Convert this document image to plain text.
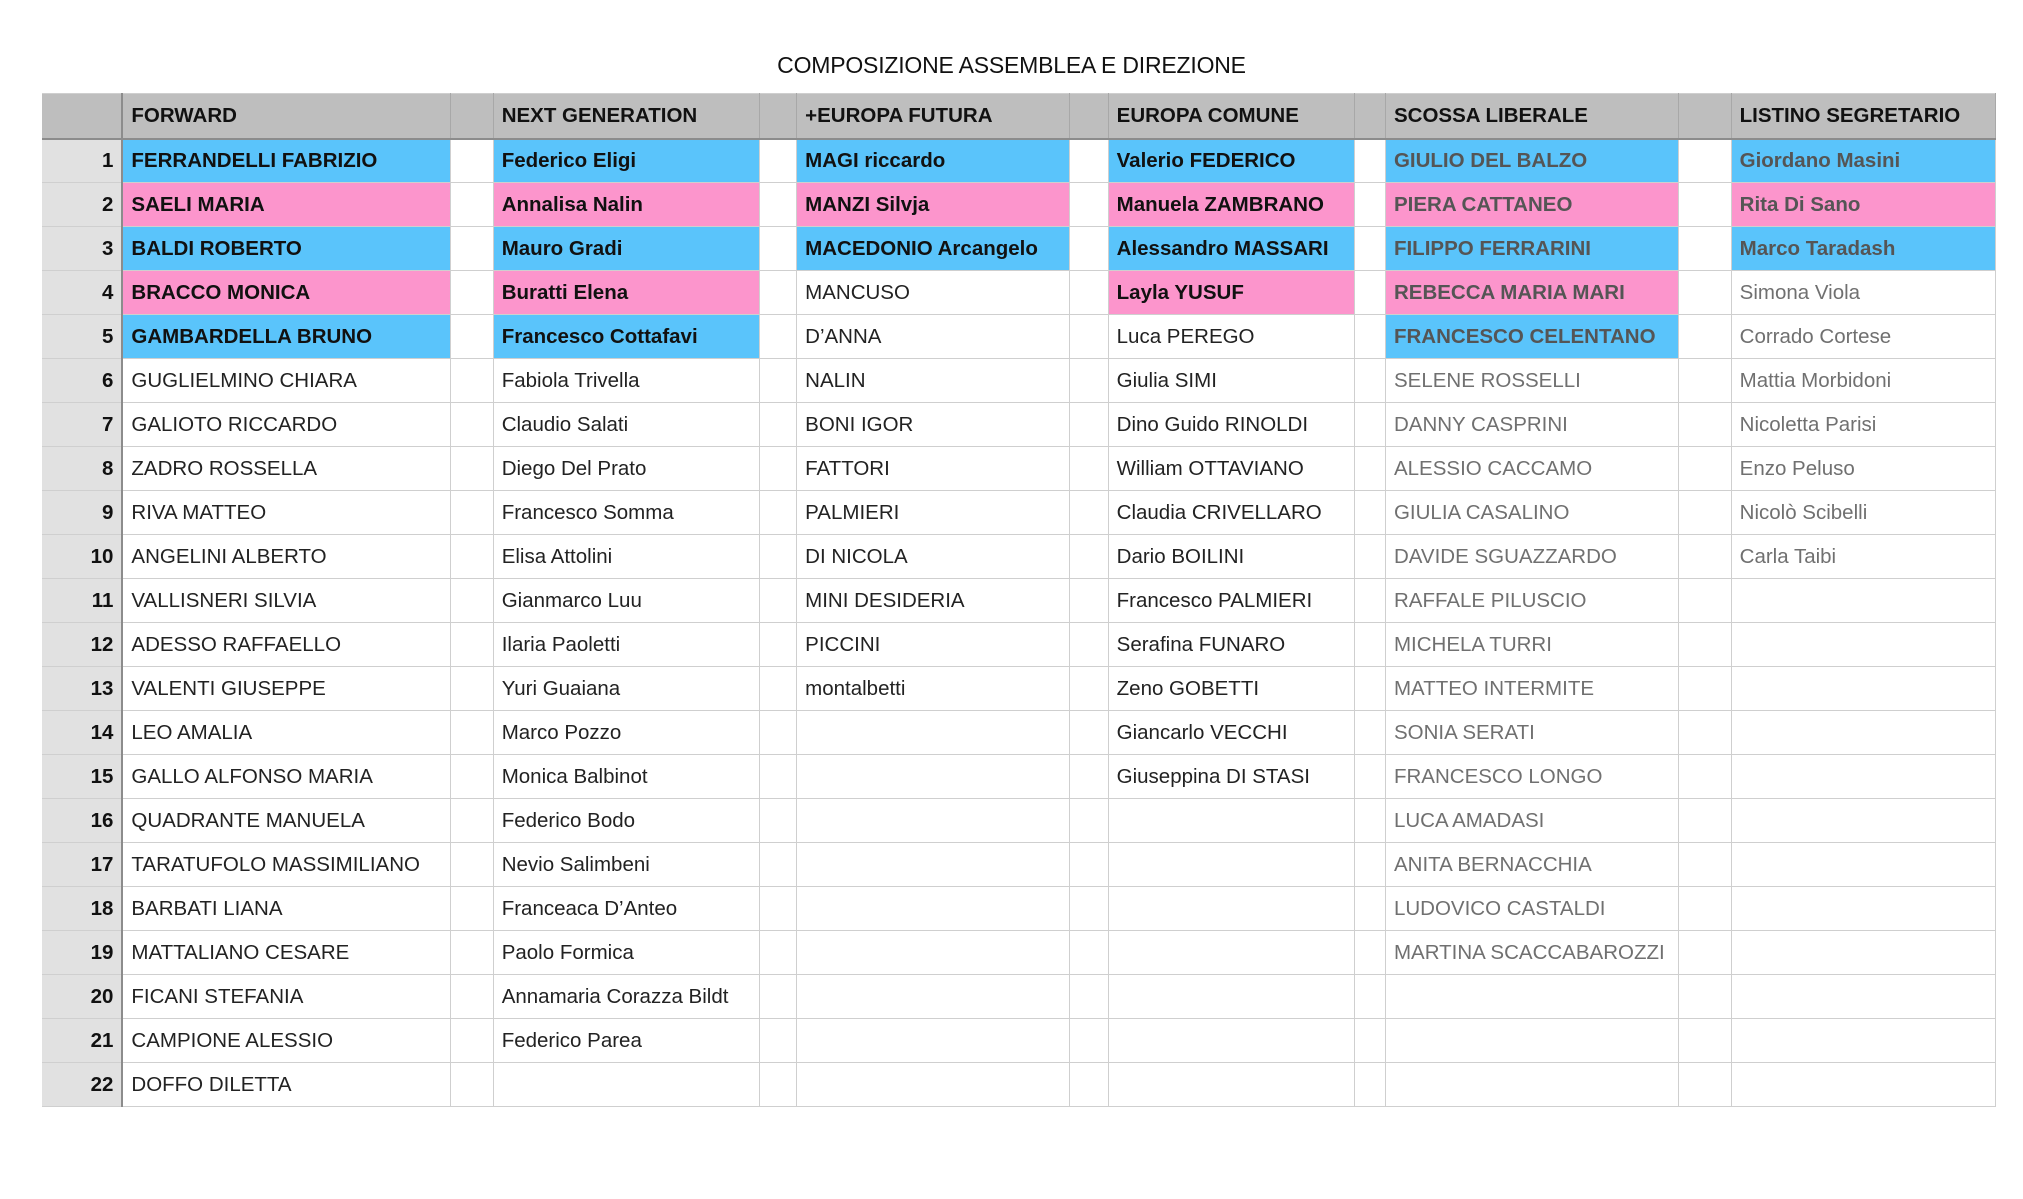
COMPOSIZIONE ASSEMBLEA E DIREZIONE
	FORWARD		NEXT GENERATION		+EUROPA FUTURA		EUROPA COMUNE		SCOSSA LIBERALE		LISTINO SEGRETARIO
1	FERRANDELLI FABRIZIO		Federico Eligi		MAGI riccardo		Valerio FEDERICO		GIULIO DEL BALZO		Giordano Masini
2	SAELI MARIA		Annalisa Nalin		MANZI Silvja		Manuela ZAMBRANO		PIERA CATTANEO		Rita Di Sano
3	BALDI ROBERTO		Mauro Gradi		MACEDONIO Arcangelo		Alessandro MASSARI		FILIPPO FERRARINI		Marco Taradash
4	BRACCO MONICA		Buratti Elena		MANCUSO		Layla YUSUF		REBECCA MARIA MARI		Simona Viola
5	GAMBARDELLA BRUNO		Francesco Cottafavi		D’ANNA		Luca PEREGO		FRANCESCO CELENTANO		Corrado Cortese
6	GUGLIELMINO CHIARA		Fabiola Trivella		NALIN		Giulia SIMI		SELENE ROSSELLI		Mattia Morbidoni
7	GALIOTO RICCARDO		Claudio Salati		BONI IGOR		Dino Guido RINOLDI		DANNY CASPRINI		Nicoletta Parisi
8	ZADRO ROSSELLA		Diego Del Prato		FATTORI		William OTTAVIANO		ALESSIO CACCAMO		Enzo Peluso
9	RIVA MATTEO		Francesco Somma		PALMIERI		Claudia CRIVELLARO		GIULIA CASALINO		Nicolò Scibelli
10	ANGELINI ALBERTO		Elisa Attolini		DI NICOLA		Dario BOILINI		DAVIDE SGUAZZARDO		Carla Taibi
11	VALLISNERI SILVIA		Gianmarco Luu		MINI DESIDERIA		Francesco PALMIERI		RAFFALE PILUSCIO		
12	ADESSO RAFFAELLO		Ilaria Paoletti		PICCINI		Serafina FUNARO		MICHELA TURRI		
13	VALENTI GIUSEPPE		Yuri Guaiana		montalbetti		Zeno GOBETTI		MATTEO INTERMITE		
14	LEO AMALIA		Marco Pozzo				Giancarlo VECCHI		SONIA SERATI		
15	GALLO ALFONSO MARIA		Monica Balbinot				Giuseppina DI STASI		FRANCESCO LONGO		
16	QUADRANTE MANUELA		Federico Bodo						LUCA AMADASI		
17	TARATUFOLO MASSIMILIANO		Nevio Salimbeni						ANITA BERNACCHIA		
18	BARBATI LIANA		Franceaca D’Anteo						LUDOVICO CASTALDI		
19	MATTALIANO CESARE		Paolo Formica						MARTINA SCACCABAROZZI		
20	FICANI STEFANIA		Annamaria Corazza Bildt								
21	CAMPIONE ALESSIO		Federico Parea								
22	DOFFO DILETTA										
